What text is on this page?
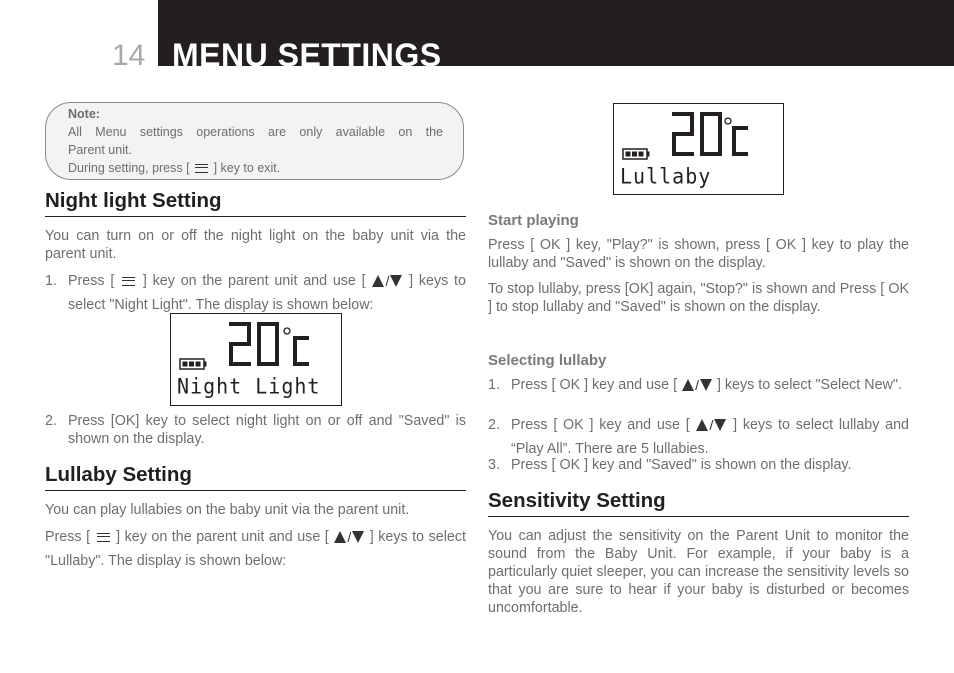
14 MENU SETTINGS
Note:
All Menu settings operations are only available on the
Parent unit.
During setting, press [ ] key to exit.
Night light Setting
You can turn on or off the night light on the baby unit via the parent unit.
1. Press [ ] key on the parent unit and use [ / ] keys to select "Night Light". The display is shown below:
Night Light
2. Press [OK] key to select night light on or off and "Saved" is shown on the display.
Lullaby Setting
You can play lullabies on the baby unit via the parent unit.
Press [ ] key on the parent unit and use [ / ] keys to select "Lullaby". The display is shown below:
Lullaby
Start playing
Press [ OK ] key, "Play?" is shown, press [ OK ] key to play the lullaby and "Saved" is shown on the display.
To stop lullaby, press [OK] again, "Stop?" is shown and Press [ OK ] to stop lullaby and "Saved" is shown on the display.
Selecting lullaby
1. Press [ OK ] key and use [ / ] keys to select "Select New".
2. Press [ OK ] key and use [ / ] keys to select lullaby and “Play All”. There are 5 lullabies.
3. Press [ OK ] key and "Saved" is shown on the display.
Sensitivity Setting
You can adjust the sensitivity on the Parent Unit to monitor the sound from the Baby Unit. For example, if your baby is a particularly quiet sleeper, you can increase the sensitivity levels so that you are sure to hear if your baby is disturbed or becomes uncomfortable.
